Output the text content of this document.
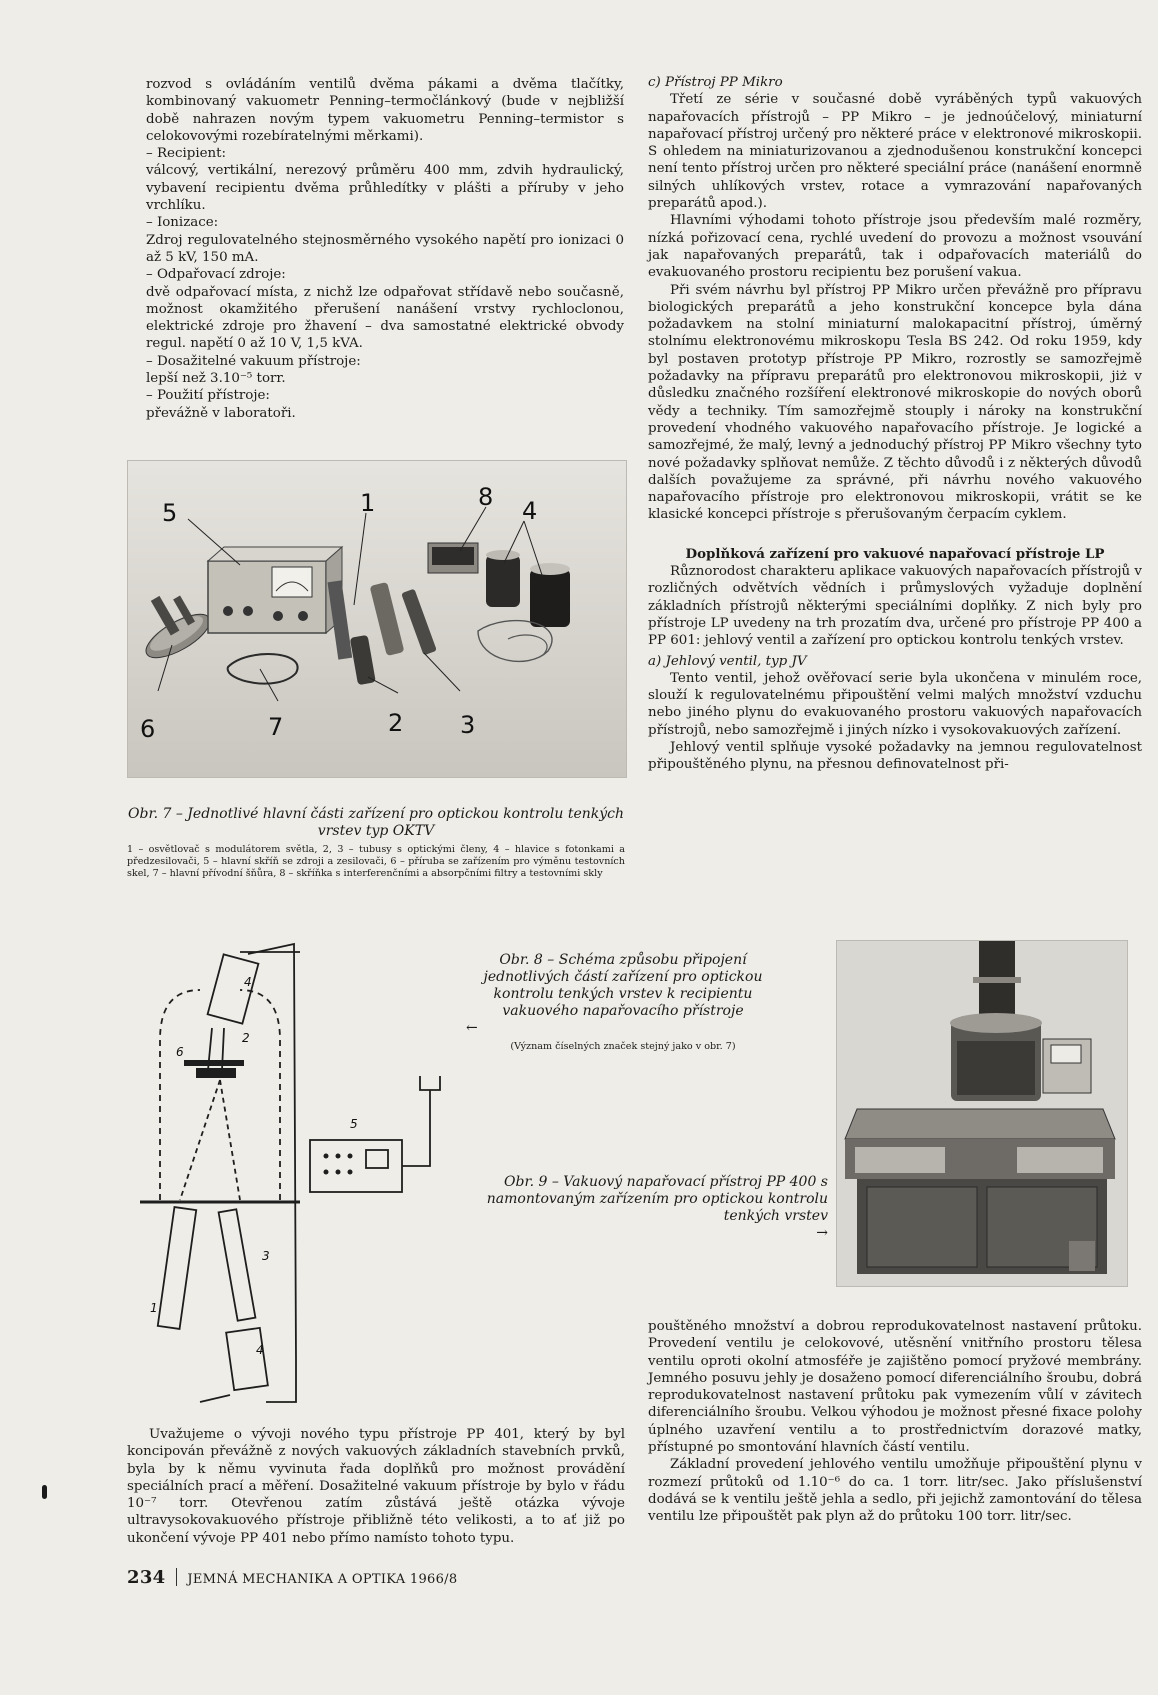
rozvod s ovládáním ventilů dvěma pákami a dvěma tlačítky, kombinovaný vakuometr Penning–termočlánkový (bude v nejbližší době nahrazen novým typem vakuometru Penning–termistor s celokovovými rozebíratelnými měrkami).

– Recipient:

válcový, vertikální, nerezový průměru 400 mm, zdvih hydraulický, vybavení recipientu dvěma průhledítky v plášti a příruby v jeho vrchlíku.

– Ionizace:

Zdroj regulovatelného stejnosměrného vysokého napětí pro ionizaci 0 až 5 kV, 150 mA.

– Odpařovací zdroje:

dvě odpařovací místa, z nichž lze odpařovat střídavě nebo současně, možnost okamžitého přerušení nanášení vrstvy rychloclonou, elektrické zdroje pro žhavení – dva samostatné elektrické obvody regul. napětí 0 až 10 V, 1,5 kVA.

– Dosažitelné vakuum přístroje:

lepší než 3.10⁻⁵ torr.

– Použití přístroje:

převážně v laboratoři.

5	1	8 4
6	7	2 3

Obr. 7 – Jednotlivé hlavní části zařízení pro optickou kontrolu tenkých vrstev typ OKTV

1 – osvětlovač s modulátorem světla, 2, 3 – tubusy s optickými členy, 4 – hlavice s fotonkami a předzesilovači, 5 – hlavní skříň se zdroji a zesilovači, 6 – příruba se zařízením pro výměnu testovních skel, 7 – hlavní přívodní šňůra, 8 – skříňka s interferenčními a absorpčními filtry a testovními skly

4
2
6
5
3
1
4

Obr. 8 – Schéma způsobu připojení jednotlivých částí zařízení pro optickou kontrolu tenkých vrstev k recipientu vakuového napařovacího přístroje

←

(Význam číselných značek stejný jako v obr. 7)

Obr. 9 – Vakuový napařovací přístroj PP 400 s namontovaným zařízením pro optickou kontrolu tenkých vrstev

→

Uvažujeme o vývoji nového typu přístroje PP 401, který by byl koncipován převážně z nových vakuových základních stavebních prvků, byla by k němu vyvinuta řada doplňků pro možnost provádění speciálních prací a měření. Dosažitelné vakuum přístroje by bylo v řádu 10⁻⁷ torr. Otevřenou zatím zůstává ještě otázka vývoje ultravysokovakuového přístroje přibližně této velikosti, a to ať již po ukončení vývoje PP 401 nebo přímo namísto tohoto typu.

c) Přístroj PP Mikro

Třetí ze série v současné době vyráběných typů vakuových napařovacích přístrojů – PP Mikro – je jednoúčelový, miniaturní napařovací přístroj určený pro některé práce v elektronové mikroskopii. S ohledem na miniaturizovanou a zjednodušenou konstrukční koncepci není tento přístroj určen pro některé speciální práce (nanášení enormně silných uhlíkových vrstev, rotace a vymrazování napařovaných preparátů apod.).

Hlavními výhodami tohoto přístroje jsou především malé rozměry, nízká pořizovací cena, rychlé uvedení do provozu a možnost vsouvání jak napařovaných preparátů, tak i odpařovacích materiálů do evakuovaného prostoru recipientu bez porušení vakua.

Při svém návrhu byl přístroj PP Mikro určen převážně pro přípravu biologických preparátů a jeho konstrukční koncepce byla dána požadavkem na stolní miniaturní malokapacitní přístroj, úměrný stolnímu elektronovému mikroskopu Tesla BS 242. Od roku 1959, kdy byl postaven prototyp přístroje PP Mikro, rozrostly se samozřejmě požadavky na přípravu preparátů pro elektronovou mikroskopii, jiż v důsledku značného rozšíření elektronové mikroskopie do nových oborů vědy a techniky. Tím samozřejmě stouply i nároky na konstrukční provedení vhodného vakuového napařovacího přístroje. Je logické a samozřejmé, že malý, levný a jednoduchý přístroj PP Mikro všechny tyto nové požadavky splňovat nemůže. Z těchto důvodů i z některých důvodů dalších považujeme za správné, při návrhu nového vakuového napařovacího přístroje pro elektronovou mikroskopii, vrátit se ke klasické koncepci přístroje s přerušovaným čerpacím cyklem.

Doplňková zařízení pro vakuové napařovací přístroje LP

Různorodost charakteru aplikace vakuových napařovacích přístrojů v rozličných odvětvích vědních i průmyslových vyžaduje doplnění základních přístrojů některými speciálními doplňky. Z nich byly pro přístroje LP uvedeny na trh prozatím dva, určené pro přístroje PP 400 a PP 601: jehlový ventil a zařízení pro optickou kontrolu tenkých vrstev.

a) Jehlový ventil, typ JV

Tento ventil, jehož ověřovací serie byla ukončena v minulém roce, slouží k regulovatelnému připouštění velmi malých množství vzduchu nebo jiného plynu do evakuovaného prostoru vakuových napařovacích přístrojů, nebo samozřejmě i jiných nízko i vysokovakuových zařízení.

Jehlový ventil splňuje vysoké požadavky na jemnou regulovatelnost připouštěného plynu, na přesnou definovatelnost při-

pouštěného množství a dobrou reprodukovatelnost nastavení průtoku. Provedení ventilu je celokovové, utěsnění vnitřního prostoru tělesa ventilu oproti okolní atmosféře je zajištěno pomocí pryžové membrány. Jemného posuvu jehly je dosaženo pomocí diferenciálního šroubu, dobrá reprodukovatelnost nastavení průtoku pak vymezením vůlí v závitech diferenciálního šroubu. Velkou výhodou je možnost přesné fixace polohy úplného uzavření ventilu a to prostřednictvím dorazové matky, přístupné po smontování hlavních částí ventilu.

Základní provedení jehlového ventilu umožňuje připouštění plynu v rozmezí průtoků od 1.10⁻⁶ do ca. 1 torr. litr/sec. Jako příslušenství dodává se k ventilu ještě jehla a sedlo, při jejichž zamontování do tělesa ventilu lze připouštět pak plyn až do průtoku 100 torr. litr/sec.

234 JEMNÁ MECHANIKA A OPTIKA 1966/8
